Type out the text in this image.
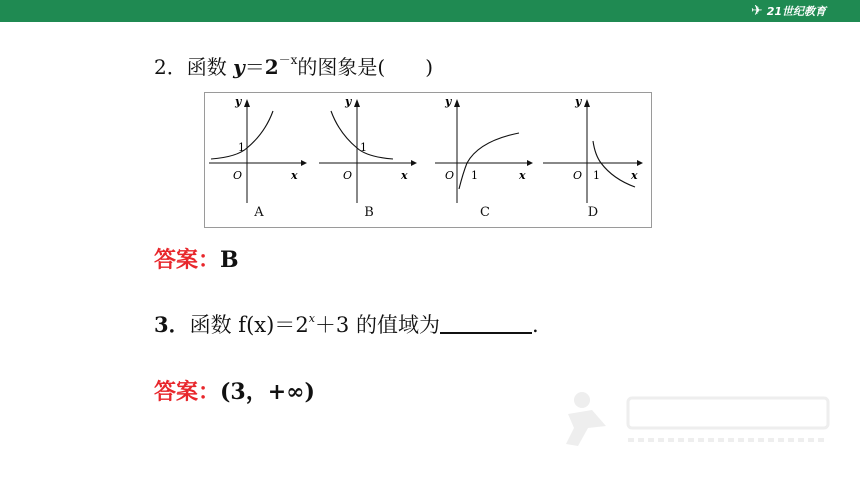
✈ 21世纪教育
2．函数 $y=2^{-x}$的图象是( )
y
x
O
1
A
y
x
O
1
B
y
x
O 1
C
y
x
O 1
D
答案：B
3．函数 $f(x)=2^x+3$ 的值域为	.
答案：(3，+∞)
